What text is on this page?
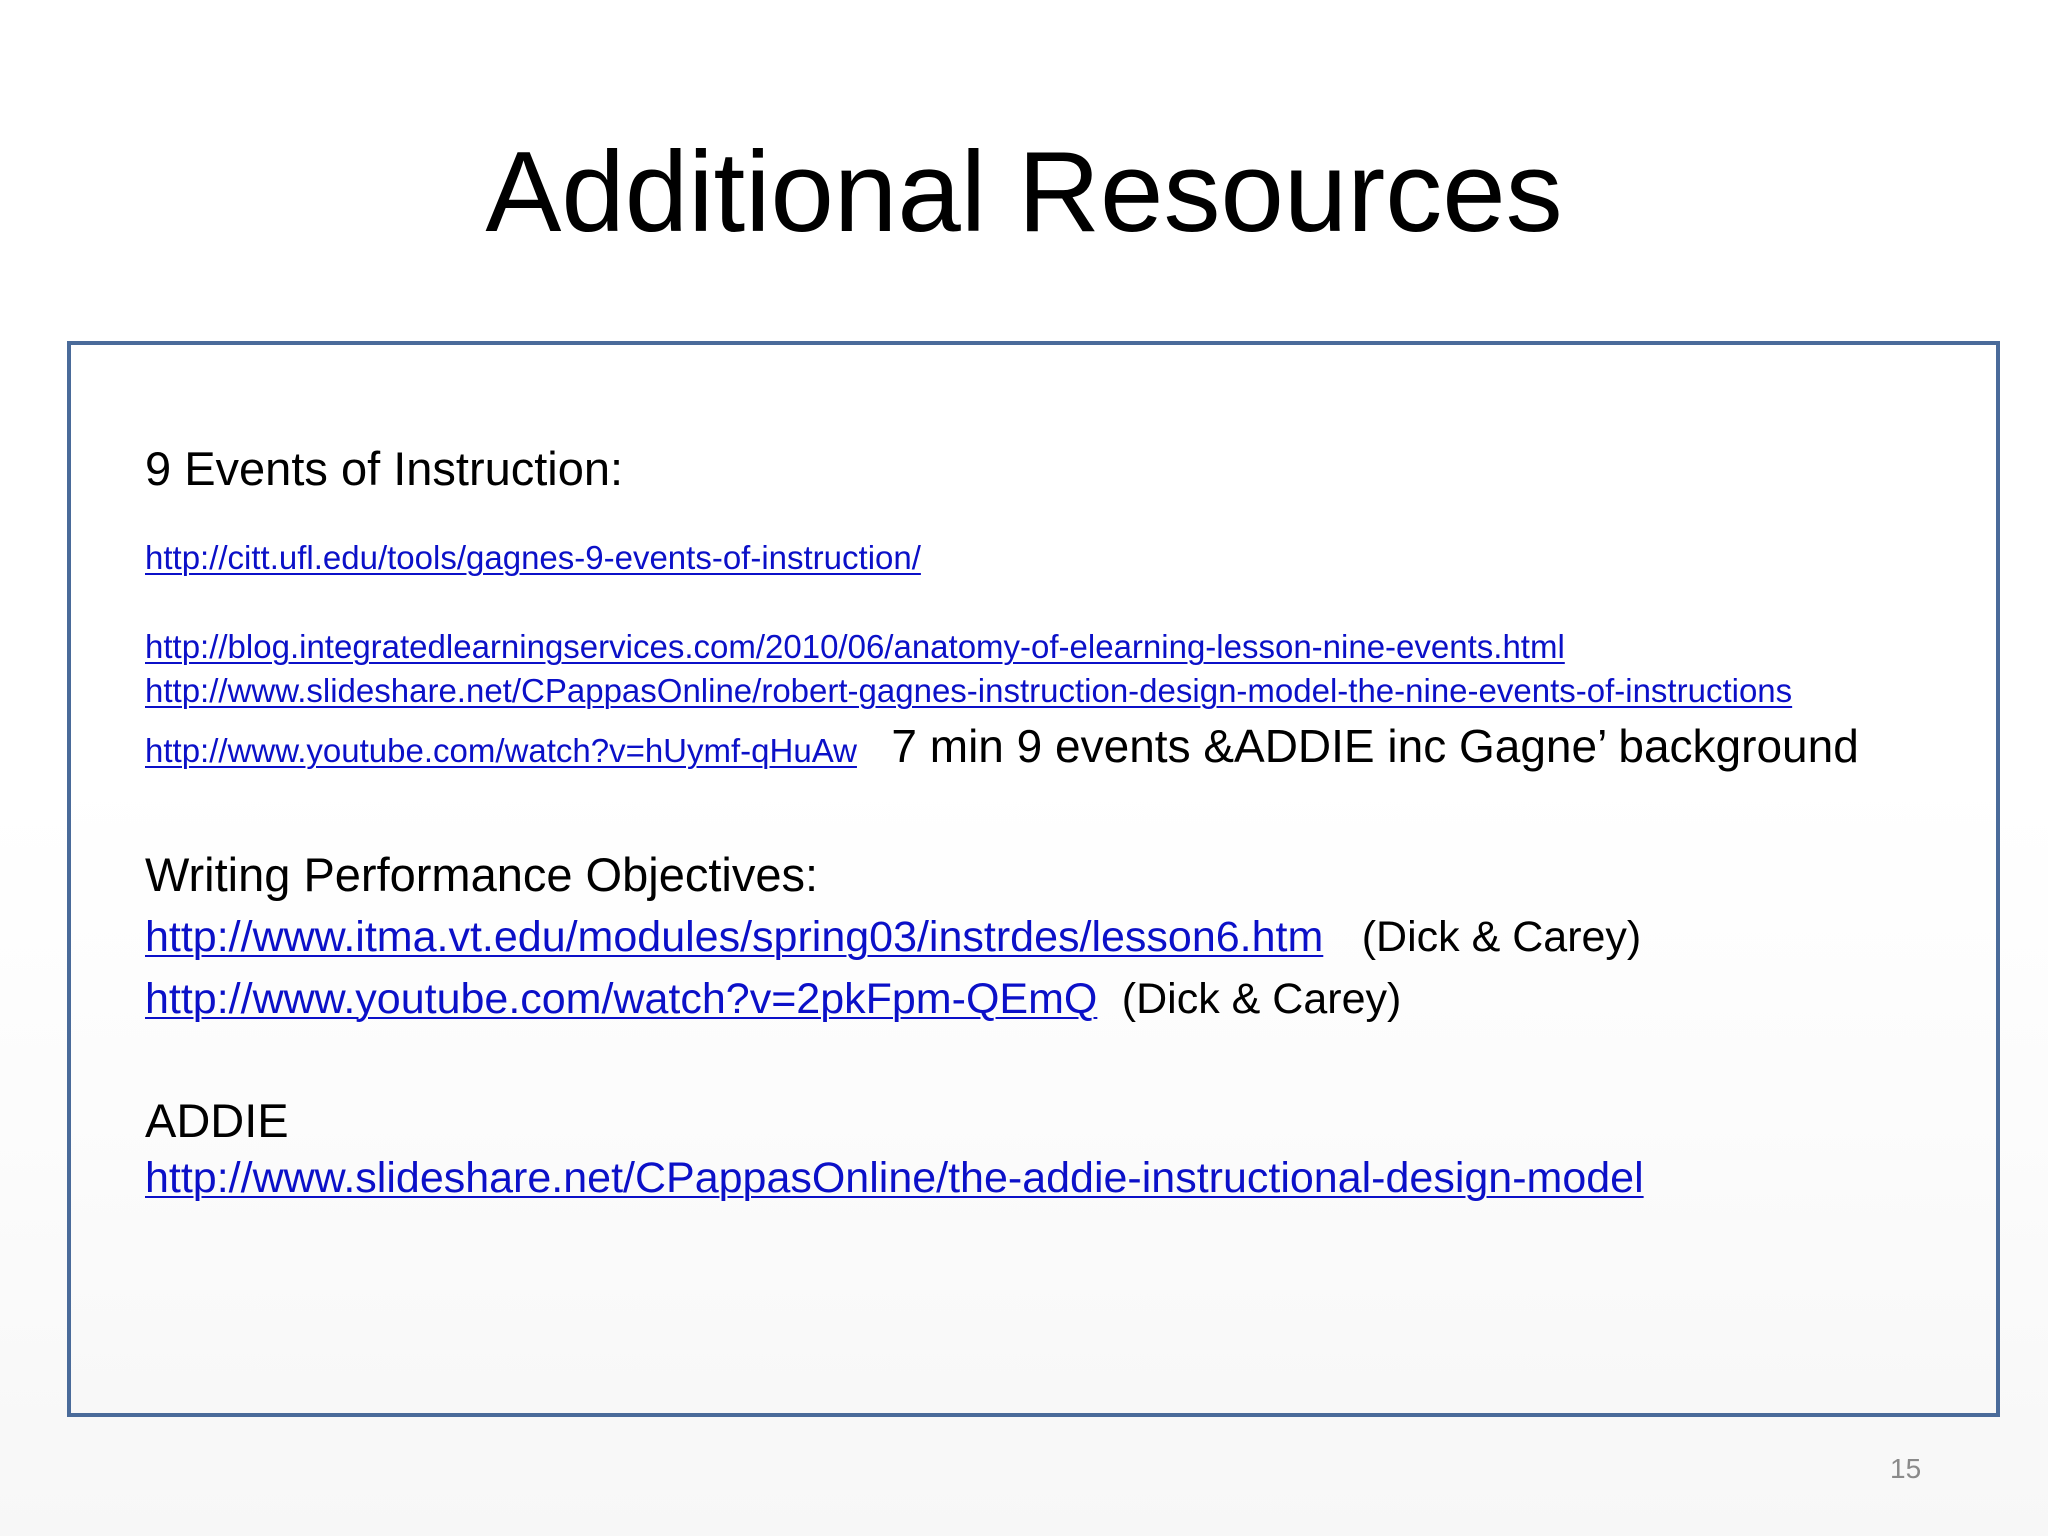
Additional Resources
9 Events of Instruction:
http://citt.ufl.edu/tools/gagnes-9-events-of-instruction/
http://blog.integratedlearningservices.com/2010/06/anatomy-of-elearning-lesson-nine-events.html
http://www.slideshare.net/CPappasOnline/robert-gagnes-instruction-design-model-the-nine-events-of-instructions
http://www.youtube.com/watch?v=hUymf-qHuAw 7 min 9 events &ADDIE inc Gagne’ background
Writing Performance Objectives:
http://www.itma.vt.edu/modules/spring03/instrdes/lesson6.htm (Dick & Carey)
http://www.youtube.com/watch?v=2pkFpm-QEmQ (Dick & Carey)
ADDIE
http://www.slideshare.net/CPappasOnline/the-addie-instructional-design-model
15
